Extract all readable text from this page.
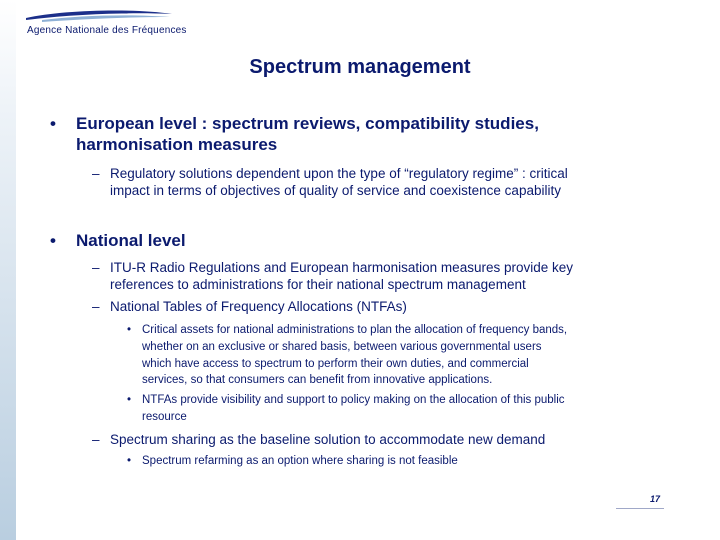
Agence Nationale des Fréquences
Spectrum management
• European level : spectrum reviews, compatibility studies,
harmonisation measures
– Regulatory solutions dependent upon the type of “regulatory regime” : critical
impact in terms of objectives of quality of service and coexistence capability
• National level
– ITU-R Radio Regulations and European harmonisation measures provide key
references to administrations for their national spectrum management
– National Tables of Frequency Allocations (NTFAs)
• Critical assets for national administrations to plan the allocation of frequency bands,
whether on an exclusive or shared basis, between various governmental users
which have access to spectrum to perform their own duties, and commercial
services, so that consumers can benefit from innovative applications.
• NTFAs provide visibility and support to policy making on the allocation of this public
resource
– Spectrum sharing as the baseline solution to accommodate new demand
• Spectrum refarming as an option where sharing is not feasible
17
